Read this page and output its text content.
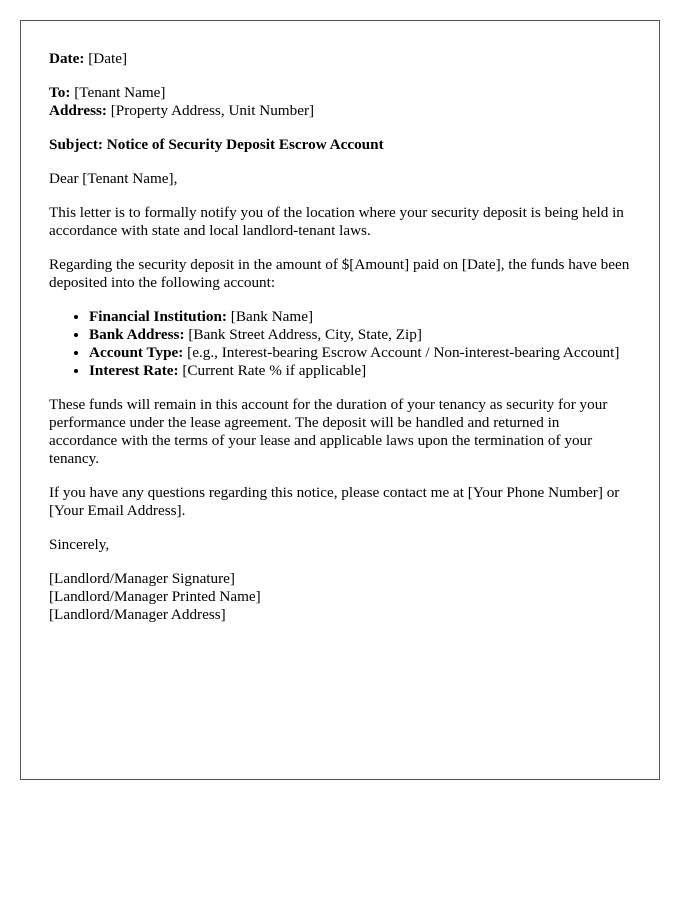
Date: [Date]

To: [Tenant Name]
Address: [Property Address, Unit Number]

Subject: Notice of Security Deposit Escrow Account

Dear [Tenant Name],

This letter is to formally notify you of the location where your security deposit is being held in accordance with state and local landlord-tenant laws.

Regarding the security deposit in the amount of $[Amount] paid on [Date], the funds have been deposited into the following account:

• Financial Institution: [Bank Name]
• Bank Address: [Bank Street Address, City, State, Zip]
• Account Type: [e.g., Interest-bearing Escrow Account / Non-interest-bearing Account]
• Interest Rate: [Current Rate % if applicable]

These funds will remain in this account for the duration of your tenancy as security for your performance under the lease agreement. The deposit will be handled and returned in accordance with the terms of your lease and applicable laws upon the termination of your tenancy.

If you have any questions regarding this notice, please contact me at [Your Phone Number] or [Your Email Address].

Sincerely,

[Landlord/Manager Signature]
[Landlord/Manager Printed Name]
[Landlord/Manager Address]
